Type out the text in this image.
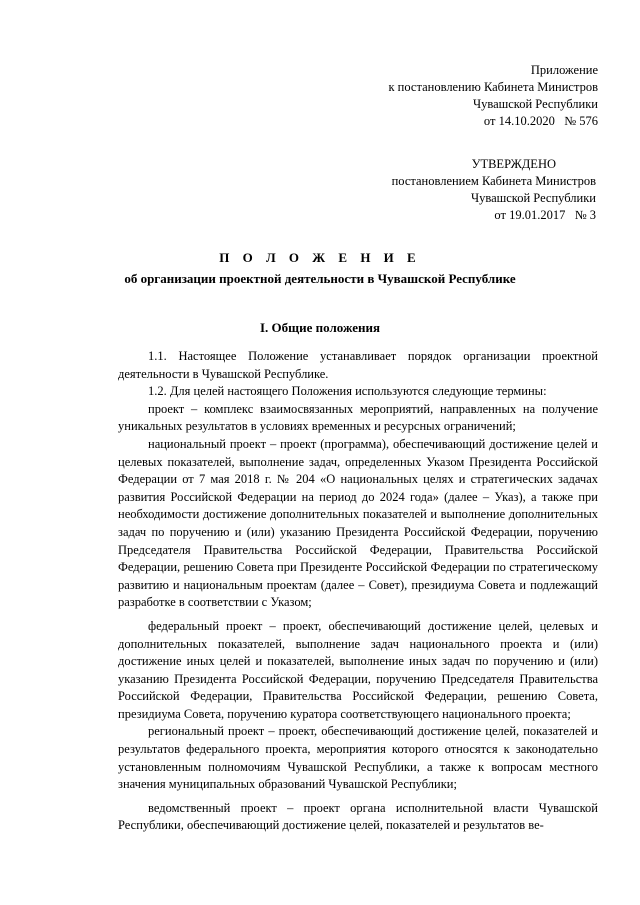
Приложение
к постановлению Кабинета Министров
Чувашской Республики
от 14.10.2020   № 576
УТВЕРЖДЕНО
постановлением Кабинета Министров
Чувашской Республики
от 19.01.2017   № 3
П О Л О Ж Е Н И Е
об организации проектной деятельности в Чувашской Республике
I. Общие положения

1.1. Настоящее Положение устанавливает порядок организации проектной деятельности в Чувашской Республике.

1.2. Для целей настоящего Положения используются следующие термины:

проект – комплекс взаимосвязанных мероприятий, направленных на получение уникальных результатов в условиях временных и ресурсных ограничений;

национальный проект – проект (программа), обеспечивающий достижение целей и целевых показателей, выполнение задач, определенных Указом Президента Российской Федерации от 7 мая 2018 г. № 204 «О национальных целях и стратегических задачах развития Российской Федерации на период до 2024 года» (далее – Указ), а также при необходимости достижение дополнительных показателей и выполнение дополнительных задач по поручению и (или) указанию Президента Российской Федерации, поручению Председателя Правительства Российской Федерации, Правительства Российской Федерации, решению Совета при Президенте Российской Федерации по стратегическому развитию и национальным проектам (далее – Совет), президиума Совета и подлежащий разработке в соответствии с Указом;

федеральный проект – проект, обеспечивающий достижение целей, целевых и дополнительных показателей, выполнение задач национального проекта и (или) достижение иных целей и показателей, выполнение иных задач по поручению и (или) указанию Президента Российской Федерации, поручению Председателя Правительства Российской Федерации, Правительства Российской Федерации, решению Совета, президиума Совета, поручению куратора соответствующего национального проекта;

региональный проект – проект, обеспечивающий достижение целей, показателей и результатов федерального проекта, мероприятия которого относятся к законодательно установленным полномочиям Чувашской Республики, а также к вопросам местного значения муниципальных образований Чувашской Республики;

ведомственный проект – проект органа исполнительной власти Чувашской Республики, обеспечивающий достижение целей, показателей и результатов ве-
